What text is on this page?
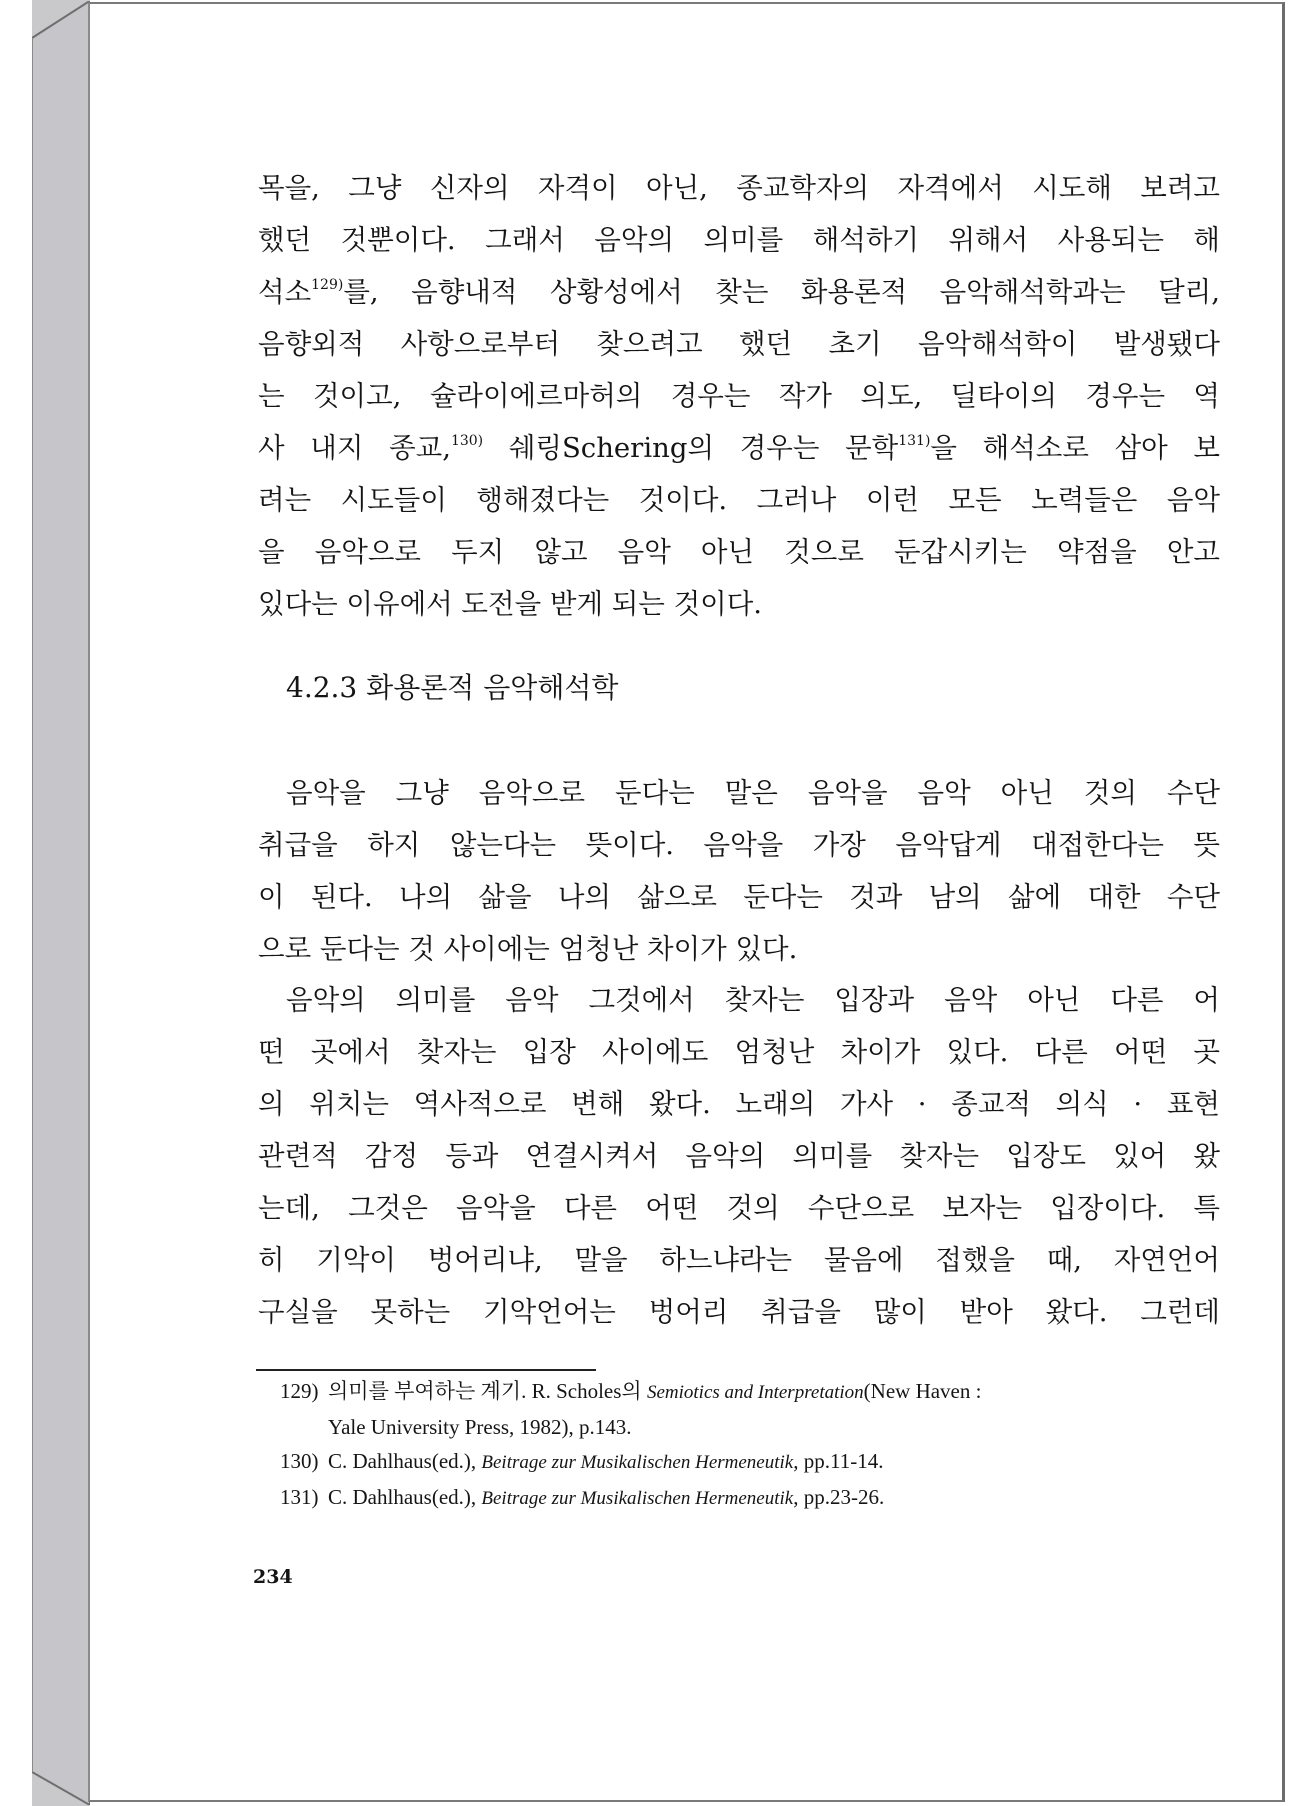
목을, 그냥 신자의 자격이 아닌, 종교학자의 자격에서 시도해 보려고
했던 것뿐이다. 그래서 음악의 의미를 해석하기 위해서 사용되는 해
석소$^{129)}$를, 음향내적 상황성에서 찾는 화용론적 음악해석학과는 달리,
음향외적 사항으로부터 찾으려고 했던 초기 음악해석학이 발생됐다
는 것이고, 슐라이에르마허의 경우는 작가 의도, 딜타이의 경우는 역
사 내지 종교,$^{130)}$ 쉐링Schering의 경우는 문학$^{131)}$을 해석소로 삼아 보
려는 시도들이 행해졌다는 것이다. 그러나 이런 모든 노력들은 음악
을 음악으로 두지 않고 음악 아닌 것으로 둔갑시키는 약점을 안고
있다는 이유에서 도전을 받게 되는 것이다.
4.2.3 화용론적 음악해석학
음악을 그냥 음악으로 둔다는 말은 음악을 음악 아닌 것의 수단
취급을 하지 않는다는 뜻이다. 음악을 가장 음악답게 대접한다는 뜻
이 된다. 나의 삶을 나의 삶으로 둔다는 것과 남의 삶에 대한 수단
으로 둔다는 것 사이에는 엄청난 차이가 있다.
음악의 의미를 음악 그것에서 찾자는 입장과 음악 아닌 다른 어
떤 곳에서 찾자는 입장 사이에도 엄청난 차이가 있다. 다른 어떤 곳
의 위치는 역사적으로 변해 왔다. 노래의 가사 · 종교적 의식 · 표현
관련적 감정 등과 연결시켜서 음악의 의미를 찾자는 입장도 있어 왔
는데, 그것은 음악을 다른 어떤 것의 수단으로 보자는 입장이다. 특
히 기악이 벙어리냐, 말을 하느냐라는 물음에 접했을 때, 자연언어
구실을 못하는 기악언어는 벙어리 취급을 많이 받아 왔다. 그런데
129) 의미를 부여하는 계기. R. Scholes의 Semiotics and Interpretation(New Haven :
Yale University Press, 1982), p.143.
130) C. Dahlhaus(ed.), Beitrage zur Musikalischen Hermeneutik, pp.11-14.
131) C. Dahlhaus(ed.), Beitrage zur Musikalischen Hermeneutik, pp.23-26.
234
